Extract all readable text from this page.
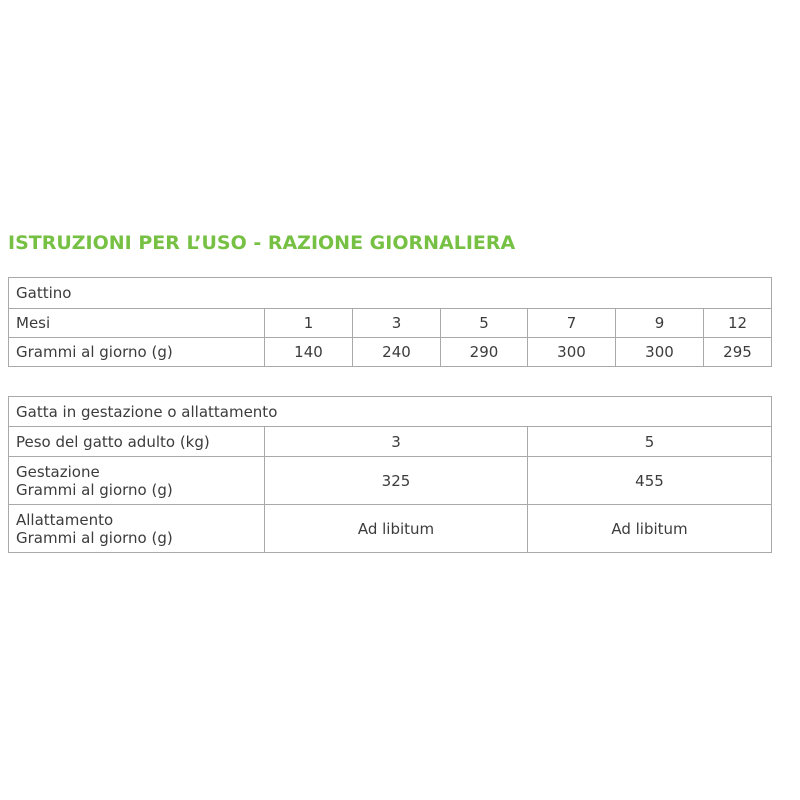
ISTRUZIONI PER L’USO - RAZIONE GIORNALIERA
Gattino						
Mesi	1	3	5	7	9	12
Grammi al giorno (g)	140	240	290	300	300	295
Gatta in gestazione o allattamento		
Peso del gatto adulto (kg)	3	5

Gestazione
Grammi al giorno (g)	325	455

Allattamento
Grammi al giorno (g)	Ad libitum	Ad libitum
